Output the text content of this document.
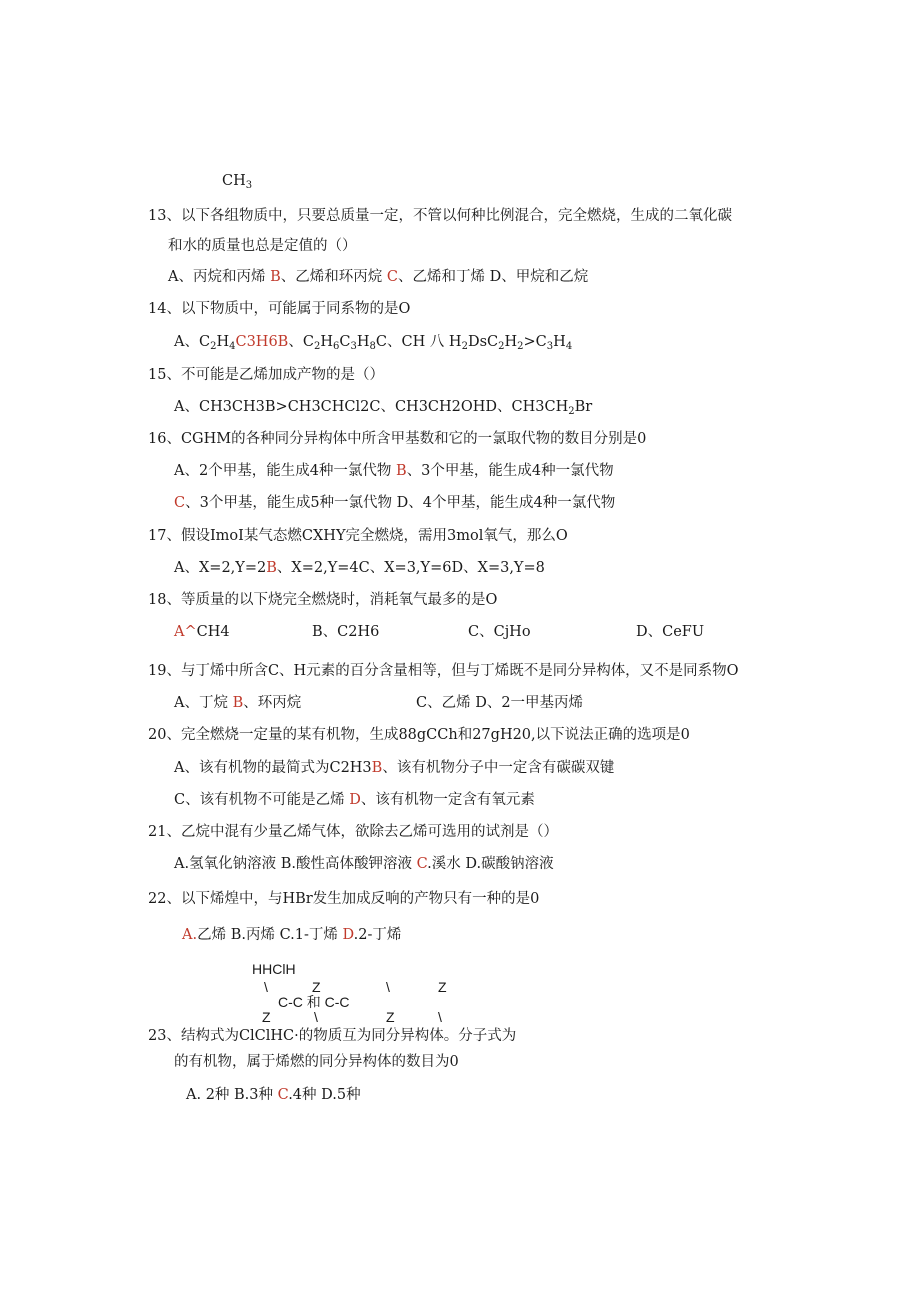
$CH_3$
13、以下各组物质中，只要总质量一定，不管以何种比例混合，完全燃烧，生成的二氧化碳
和水的质量也总是定值的（）
A、丙烷和丙烯 B、乙烯和环丙烷 C、乙烯和丁烯 D、甲烷和乙烷
14、以下物质中，可能属于同系物的是O
A、$C_2H_4C3H6B$、$C_2H_6C_3H_8C$、CH 八 $H_2DsC_2H_2>C_3H_4$
15、不可能是乙烯加成产物的是（）
A、CH3CH3B>CH3CHCl2C、CH3CH2OHD、$CH3CH_2Br$
16、CGHM的各种同分异构体中所含甲基数和它的一氯取代物的数目分别是0
A、2个甲基，能生成4种一氯代物 B、3个甲基，能生成4种一氯代物
C、3个甲基，能生成5种一氯代物 D、4个甲基，能生成4种一氯代物
17、假设ImoI某气态燃CXHY完全燃烧，需用3mol氧气，那么O
A、X=2,Y=2B、X=2,Y=4C、X=3,Y=6D、X=3,Y=8
18、等质量的以下烧完全燃烧时，消耗氧气最多的是O
A^CH4	B、C2H6	C、CjHo	D、CeFU
19、与丁烯中所含C、H元素的百分含量相等，但与丁烯既不是同分异构体，又不是同系物O
A、丁烷 B、环丙烷	C、乙烯 D、2一甲基丙烯
20、完全燃烧一定量的某有机物，生成88gCCh和27gH20,以下说法正确的选项是0
A、该有机物的最简式为C2H3B、该有机物分子中一定含有碳碳双键
C、该有机物不可能是乙烯 D、该有机物一定含有氧元素
21、乙烷中混有少量乙烯气体，欲除去乙烯可选用的试剂是（）
A.氢氧化钠溶液 B.酸性高体酸钾溶液 C.溪水 D.碳酸钠溶液
22、以下烯煌中，与HBr发生加成反响的产物只有一种的是0
A.乙烯 B.丙烯 C.1-丁烯 D.2-丁烯
HHClH
\	Z	\	Z
C-C 和 C-C
Z	\	Z	\
23、结构式为ClClHC·的物质互为同分异构体。分子式为
的有机物，属于烯燃的同分异构体的数目为0
A. 2种 B.3种 C.4种 D.5种
